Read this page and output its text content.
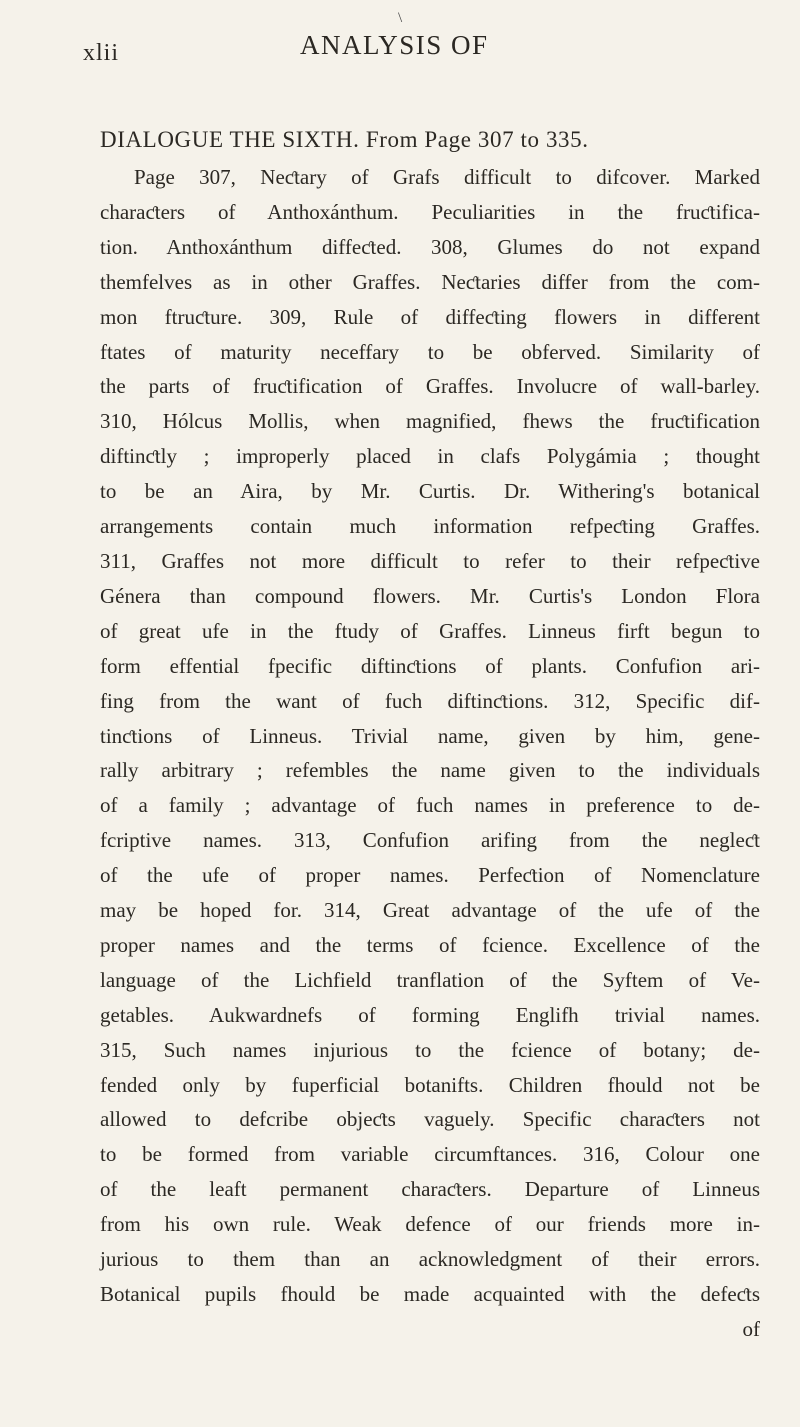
\
xlii	ANALYSIS OF

DIALOGUE THE SIXTH. From Page 307 to 335.

Page 307, Neƈtary of Grafs difficult to difcover. Marked

charaƈters of Anthoxánthum. Peculiarities in the fruƈtifica-

tion. Anthoxánthum diffeƈted. 308, Glumes do not expand

themfelves as in other Graffes. Neƈtaries differ from the com-

mon ftruƈture. 309, Rule of diffeƈting flowers in different

ftates of maturity neceffary to be obferved. Similarity of

the parts of fruƈtification of Graffes. Involucre of wall-barley.

310, Hólcus Mollis, when magnified, fhews the fruƈtification

diftinƈtly ; improperly placed in clafs Polygámia ; thought

to be an Aira, by Mr. Curtis. Dr. Withering's botanical

arrangements contain much information refpeƈting Graffes.

311, Graffes not more difficult to refer to their refpeƈtive

Génera than compound flowers. Mr. Curtis's London Flora

of great ufe in the ftudy of Graffes. Linneus firft begun to

form effential fpecific diftinƈtions of plants. Confufion ari-

fing from the want of fuch diftinƈtions. 312, Specific dif-

tinƈtions of Linneus. Trivial name, given by him, gene-

rally arbitrary ; refembles the name given to the individuals

of a family ; advantage of fuch names in preference to de-

fcriptive names. 313, Confufion arifing from the negleƈt

of the ufe of proper names. Perfeƈtion of Nomenclature

may be hoped for. 314, Great advantage of the ufe of the

proper names and the terms of fcience. Excellence of the

language of the Lichfield tranflation of the Syftem of Ve-

getables. Aukwardnefs of forming Englifh trivial names.

315, Such names injurious to the fcience of botany; de-

fended only by fuperficial botanifts. Children fhould not be

allowed to defcribe objeƈts vaguely. Specific charaƈters not

to be formed from variable circumftances. 316, Colour one

of the leaft permanent charaƈters. Departure of Linneus

from his own rule. Weak defence of our friends more in-

jurious to them than an acknowledgment of their errors.

Botanical pupils fhould be made acquainted with the defeƈts

of
